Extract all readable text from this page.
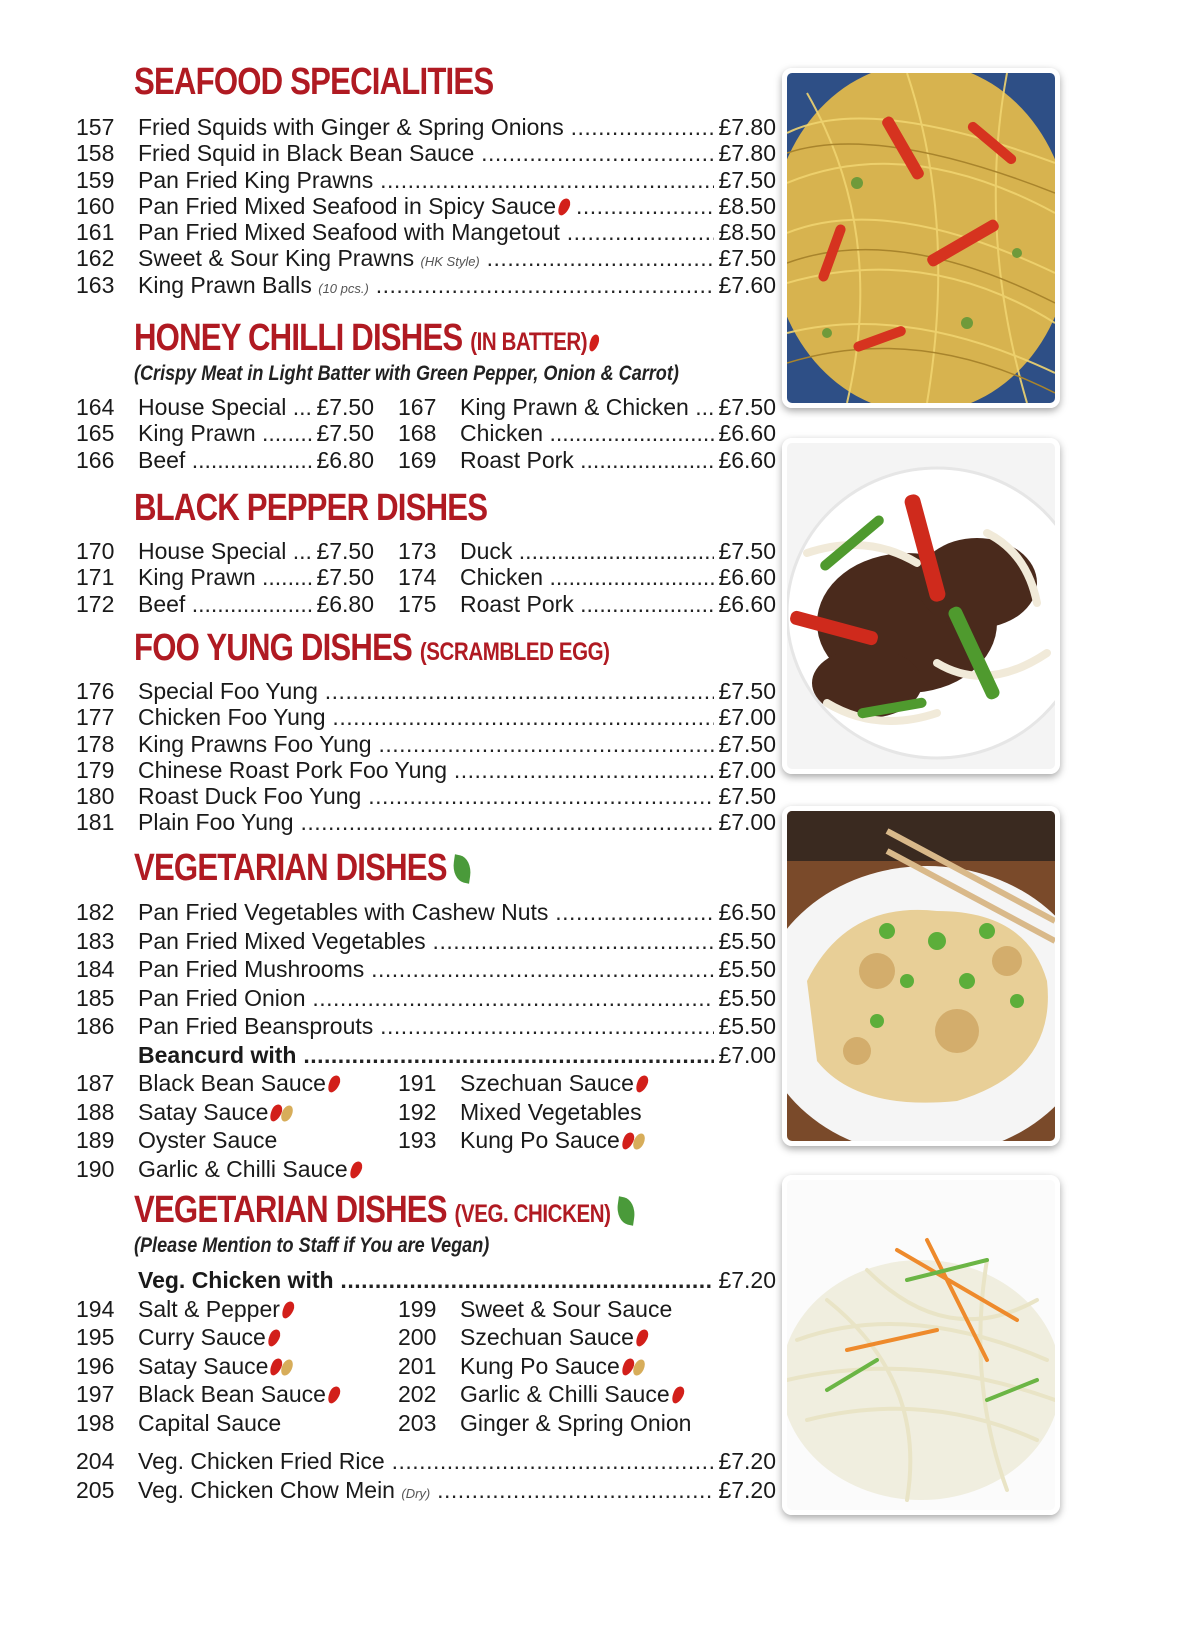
SEAFOOD SPECIALITIES
157 Fried Squids with Ginger & Spring Onions .....	£7.80
158 Fried Squid in Black Bean Sauce .....	£7.80
159 Pan Fried King Prawns .....	£7.50
160 Pan Fried Mixed Seafood in Spicy Sauce .....	£8.50
161 Pan Fried Mixed Seafood with Mangetout .....	£8.50
162 Sweet & Sour King Prawns (HK Style) .....	£7.50
163 King Prawn Balls (10 pcs.) .....	£7.60
HONEY CHILLI DISHES (IN BATTER)
(Crispy Meat in Light Batter with Green Pepper, Onion & Carrot)
164 House Special .....	£7.50 167 King Prawn & Chicken .....	£7.50
165 King Prawn .....	£7.50 168 Chicken .....	£6.60
166 Beef .....	£6.80 169 Roast Pork .....	£6.60
BLACK PEPPER DISHES
170 House Special .....	£7.50 173 Duck .....	£7.50
171 King Prawn .....	£7.50 174 Chicken .....	£6.60
172 Beef .....	£6.80 175 Roast Pork .....	£6.60
FOO YUNG DISHES (SCRAMBLED EGG)
176 Special Foo Yung .....	£7.50
177 Chicken Foo Yung .....	£7.00
178 King Prawns Foo Yung .....	£7.50
179 Chinese Roast Pork Foo Yung .....	£7.00
180 Roast Duck Foo Yung .....	£7.50
181 Plain Foo Yung .....	£7.00
VEGETARIAN DISHES
182 Pan Fried Vegetables with Cashew Nuts .....	£6.50
183 Pan Fried Mixed Vegetables .....	£5.50
184 Pan Fried Mushrooms .....	£5.50
185 Pan Fried Onion .....	£5.50
186 Pan Fried Beansprouts .....	£5.50
Beancurd with .....	£7.00
187 Black Bean Sauce	191 Szechuan Sauce
188 Satay Sauce	192 Mixed Vegetables
189 Oyster Sauce	193 Kung Po Sauce
190 Garlic & Chilli Sauce
VEGETARIAN DISHES (VEG. CHICKEN)
(Please Mention to Staff if You are Vegan)
Veg. Chicken with .....	£7.20
194 Salt & Pepper	199 Sweet & Sour Sauce
195 Curry Sauce	200 Szechuan Sauce
196 Satay Sauce	201 Kung Po Sauce
197 Black Bean Sauce	202 Garlic & Chilli Sauce
198 Capital Sauce	203 Ginger & Spring Onion
204 Veg. Chicken Fried Rice .....	£7.20
205 Veg. Chicken Chow Mein (Dry) .....	£7.20
